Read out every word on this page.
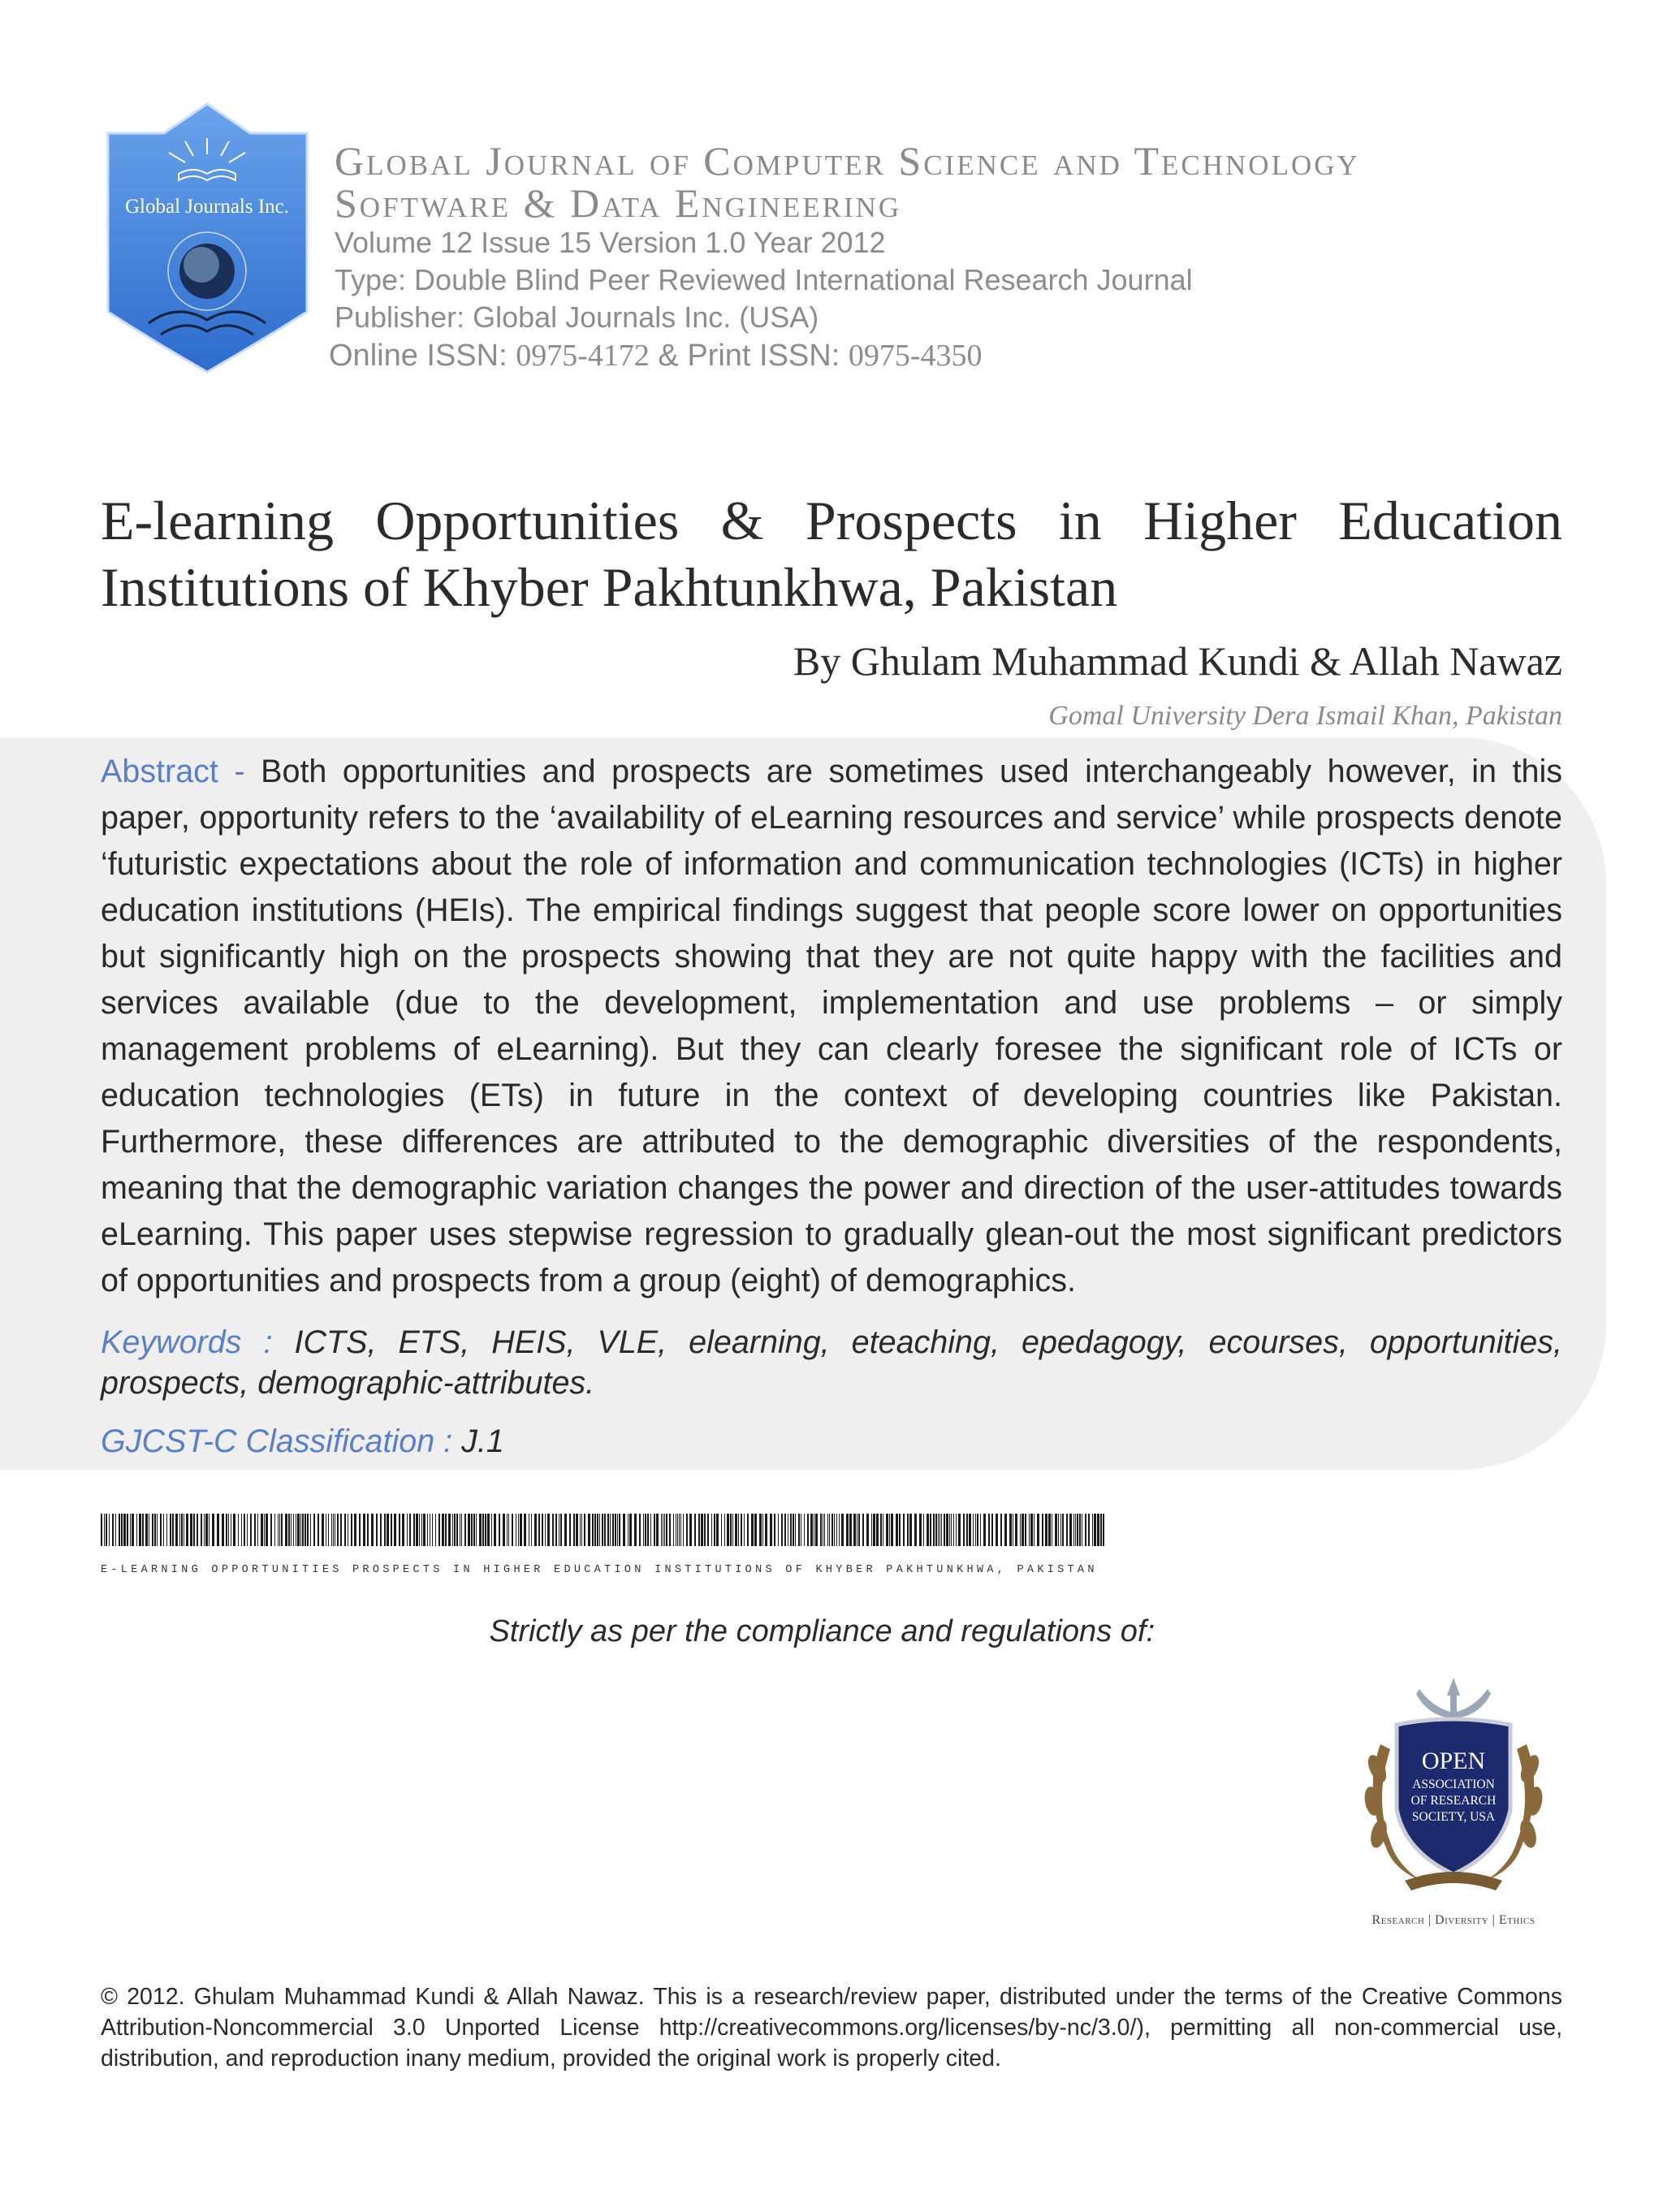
Global Journals Inc.
Global Journal of Computer Science and Technology
Software & Data Engineering
Volume 12 Issue 15 Version 1.0 Year 2012
Type: Double Blind Peer Reviewed International Research Journal
Publisher: Global Journals Inc. (USA)
Online ISSN: 0975-4172 & Print ISSN: 0975-4350
E-learning Opportunities & Prospects in Higher Education Institutions of Khyber Pakhtunkhwa, Pakistan
By Ghulam Muhammad Kundi & Allah Nawaz
Gomal University Dera Ismail Khan, Pakistan
Abstract - Both opportunities and prospects are sometimes used interchangeably however, in this paper, opportunity refers to the ‘availability of eLearning resources and service’ while prospects denote ‘futuristic expectations about the role of information and communication technologies (ICTs) in higher education institutions (HEIs). The empirical findings suggest that people score lower on opportunities but significantly high on the prospects showing that they are not quite happy with the facilities and services available (due to the development, implementation and use problems – or simply management problems of eLearning). But they can clearly foresee the significant role of ICTs or education technologies (ETs) in future in the context of developing countries like Pakistan. Furthermore, these differences are attributed to the demographic diversities of the respondents, meaning that the demographic variation changes the power and direction of the user-attitudes towards eLearning. This paper uses stepwise regression to gradually glean-out the most significant predictors of opportunities and prospects from a group (eight) of demographics.
Keywords : ICTS, ETS, HEIS, VLE, elearning, eteaching, epedagogy, ecourses, opportunities, prospects, demographic-attributes.
GJCST-C Classification : J.1
E-LEARNING OPPORTUNITIES PROSPECTS IN HIGHER EDUCATION INSTITUTIONS OF KHYBER PAKHTUNKHWA, PAKISTAN
Strictly as per the compliance and regulations of:
OPEN
ASSOCIATION
OF RESEARCH
SOCIETY, USA
Research | Diversity | Ethics
© 2012. Ghulam Muhammad Kundi & Allah Nawaz. This is a research/review paper, distributed under the terms of the Creative Commons Attribution-Noncommercial 3.0 Unported License http://creativecommons.org/licenses/by-nc/3.0/), permitting all non-commercial use, distribution, and reproduction inany medium, provided the original work is properly cited.
